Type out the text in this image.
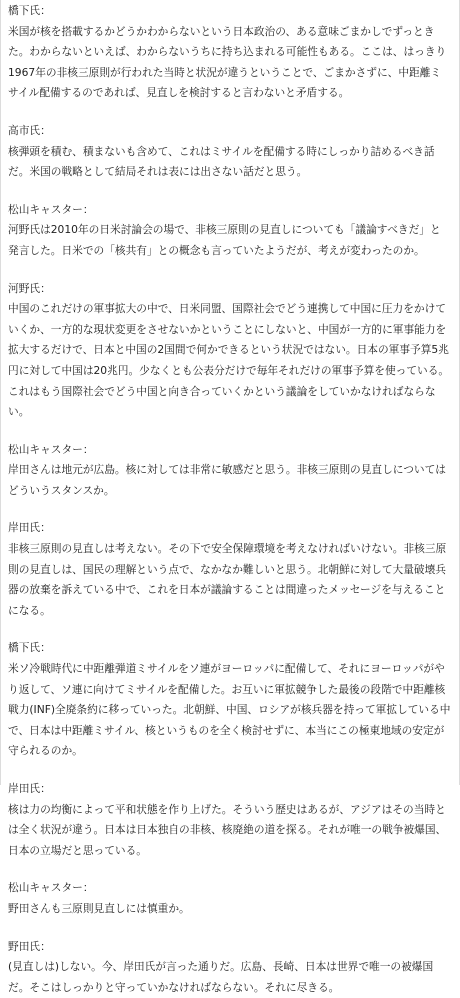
橋下氏：
米国が核を搭載するかどうかわからないという日本政治の、ある意味ごまかしでずっときた。わからないといえば、わからないうちに持ち込まれる可能性もある。ここは、はっきり1967年の非核三原則が行われた当時と状況が違うということで、ごまかさずに、中距離ミサイル配備するのであれば、見直しを検討すると言わないと矛盾する。
高市氏：
核弾頭を積む、積まないも含めて、これはミサイルを配備する時にしっかり詰めるべき話だ。米国の戦略として結局それは表には出さない話だと思う。
松山キャスター：
河野氏は2010年の日米討論会の場で、非核三原則の見直しについても「議論すべきだ」と発言した。日米での「核共有」との概念も言っていたようだが、考えが変わったのか。
河野氏：
中国のこれだけの軍事拡大の中で、日米同盟、国際社会でどう連携して中国に圧力をかけていくか、一方的な現状変更をさせないかということにしないと、中国が一方的に軍事能力を拡大するだけで、日本と中国の2国間で何かできるという状況ではない。日本の軍事予算5兆円に対して中国は20兆円。少なくとも公表分だけで毎年それだけの軍事予算を使っている。これはもう国際社会でどう中国と向き合っていくかという議論をしていかなければならない。
松山キャスター：
岸田さんは地元が広島。核に対しては非常に敏感だと思う。非核三原則の見直しについてはどういうスタンスか。
岸田氏：
非核三原則の見直しは考えない。その下で安全保障環境を考えなければいけない。非核三原則の見直しは、国民の理解という点で、なかなか難しいと思う。北朝鮮に対して大量破壊兵器の放棄を訴えている中で、これを日本が議論することは間違ったメッセージを与えることになる。
橋下氏：
米ソ冷戦時代に中距離弾道ミサイルをソ連がヨーロッパに配備して、それにヨーロッパがやり返して、ソ連に向けてミサイルを配備した。お互いに軍拡競争した最後の段階で中距離核戦力(INF)全廃条約に移っていった。北朝鮮、中国、ロシアが核兵器を持って軍拡している中で、日本は中距離ミサイル、核というものを全く検討せずに、本当にこの極東地域の安定が守られるのか。
岸田氏：
核は力の均衡によって平和状態を作り上げた。そういう歴史はあるが、アジアはその当時とは全く状況が違う。日本は日本独自の非核、核廃絶の道を探る。それが唯一の戦争被爆国、日本の立場だと思っている。
松山キャスター：
野田さんも三原則見直しには慎重か。
野田氏：
(見直しは)しない。今、岸田氏が言った通りだ。広島、長崎、日本は世界で唯一の被爆国だ。そこはしっかりと守っていかなければならない。それに尽きる。
